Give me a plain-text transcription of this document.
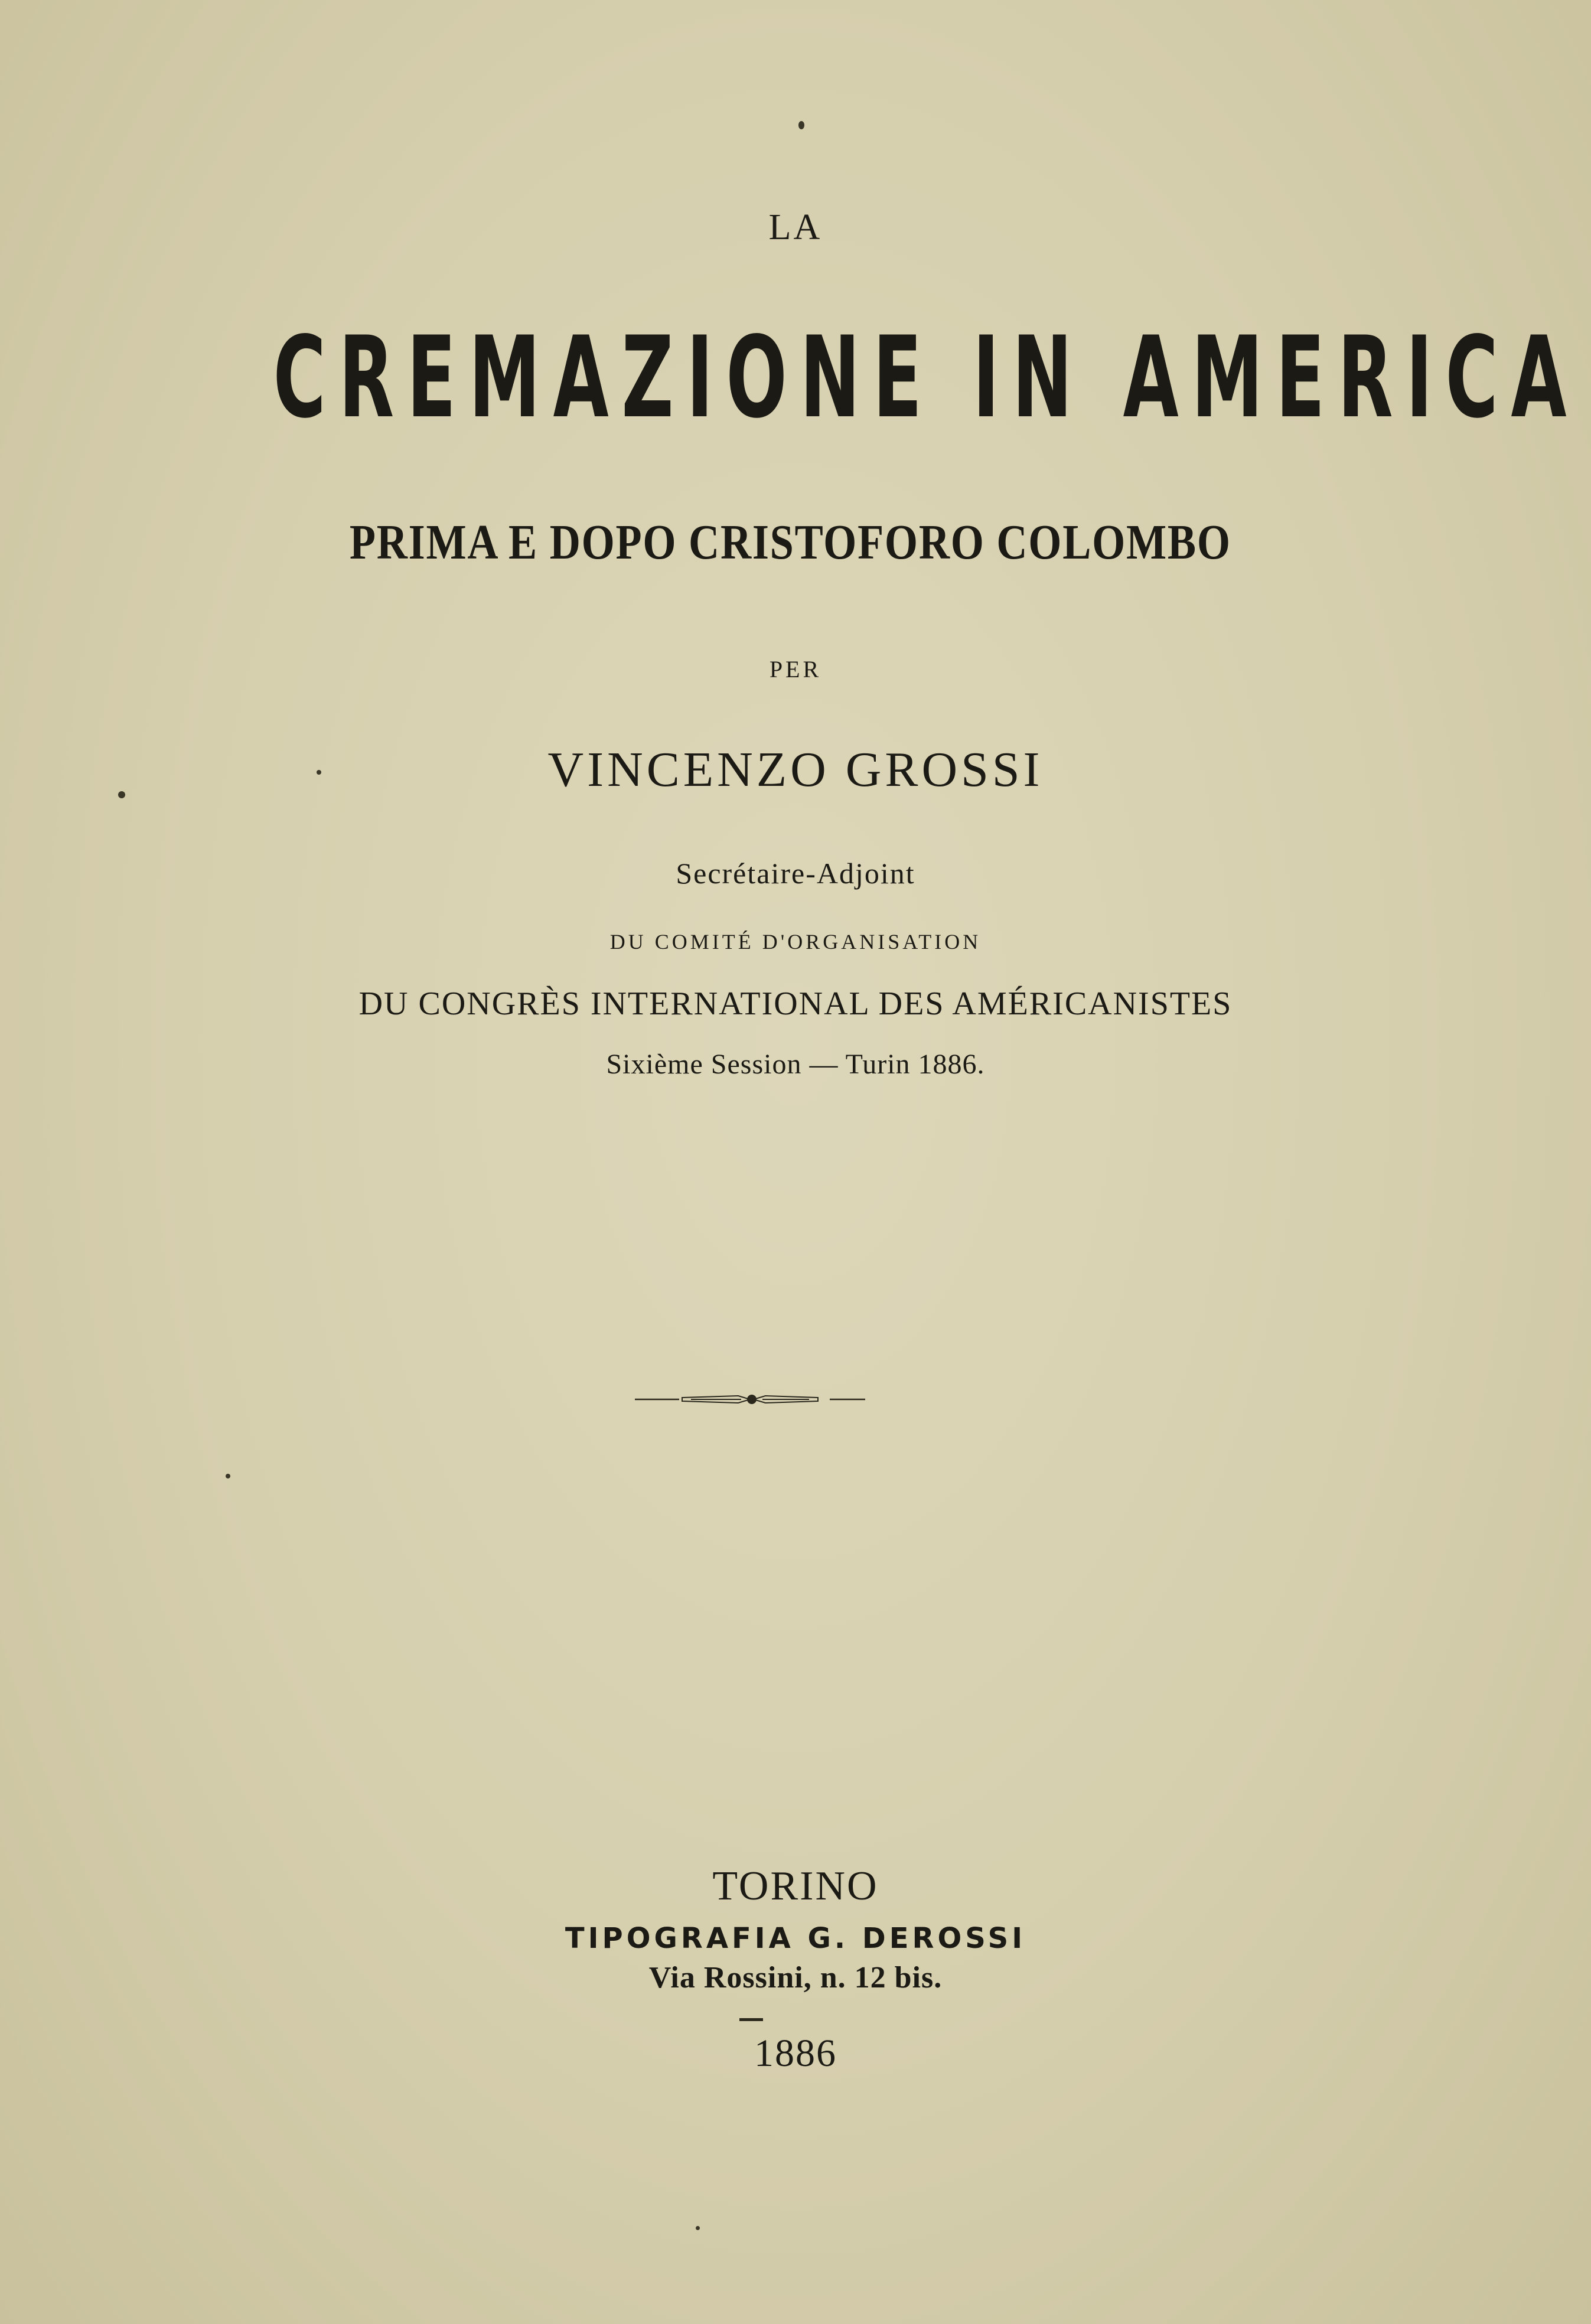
LA
CREMAZIONE IN AMERICA
PRIMA E DOPO CRISTOFORO COLOMBO
PER
VINCENZO GROSSI
Secrétaire-Adjoint
DU COMITÉ D'ORGANISATION
DU CONGRÈS INTERNATIONAL DES AMÉRICANISTES
Sixième Session — Turin 1886.
TORINO
TIPOGRAFIA G. DEROSSI
Via Rossini, n. 12 bis.
1886
